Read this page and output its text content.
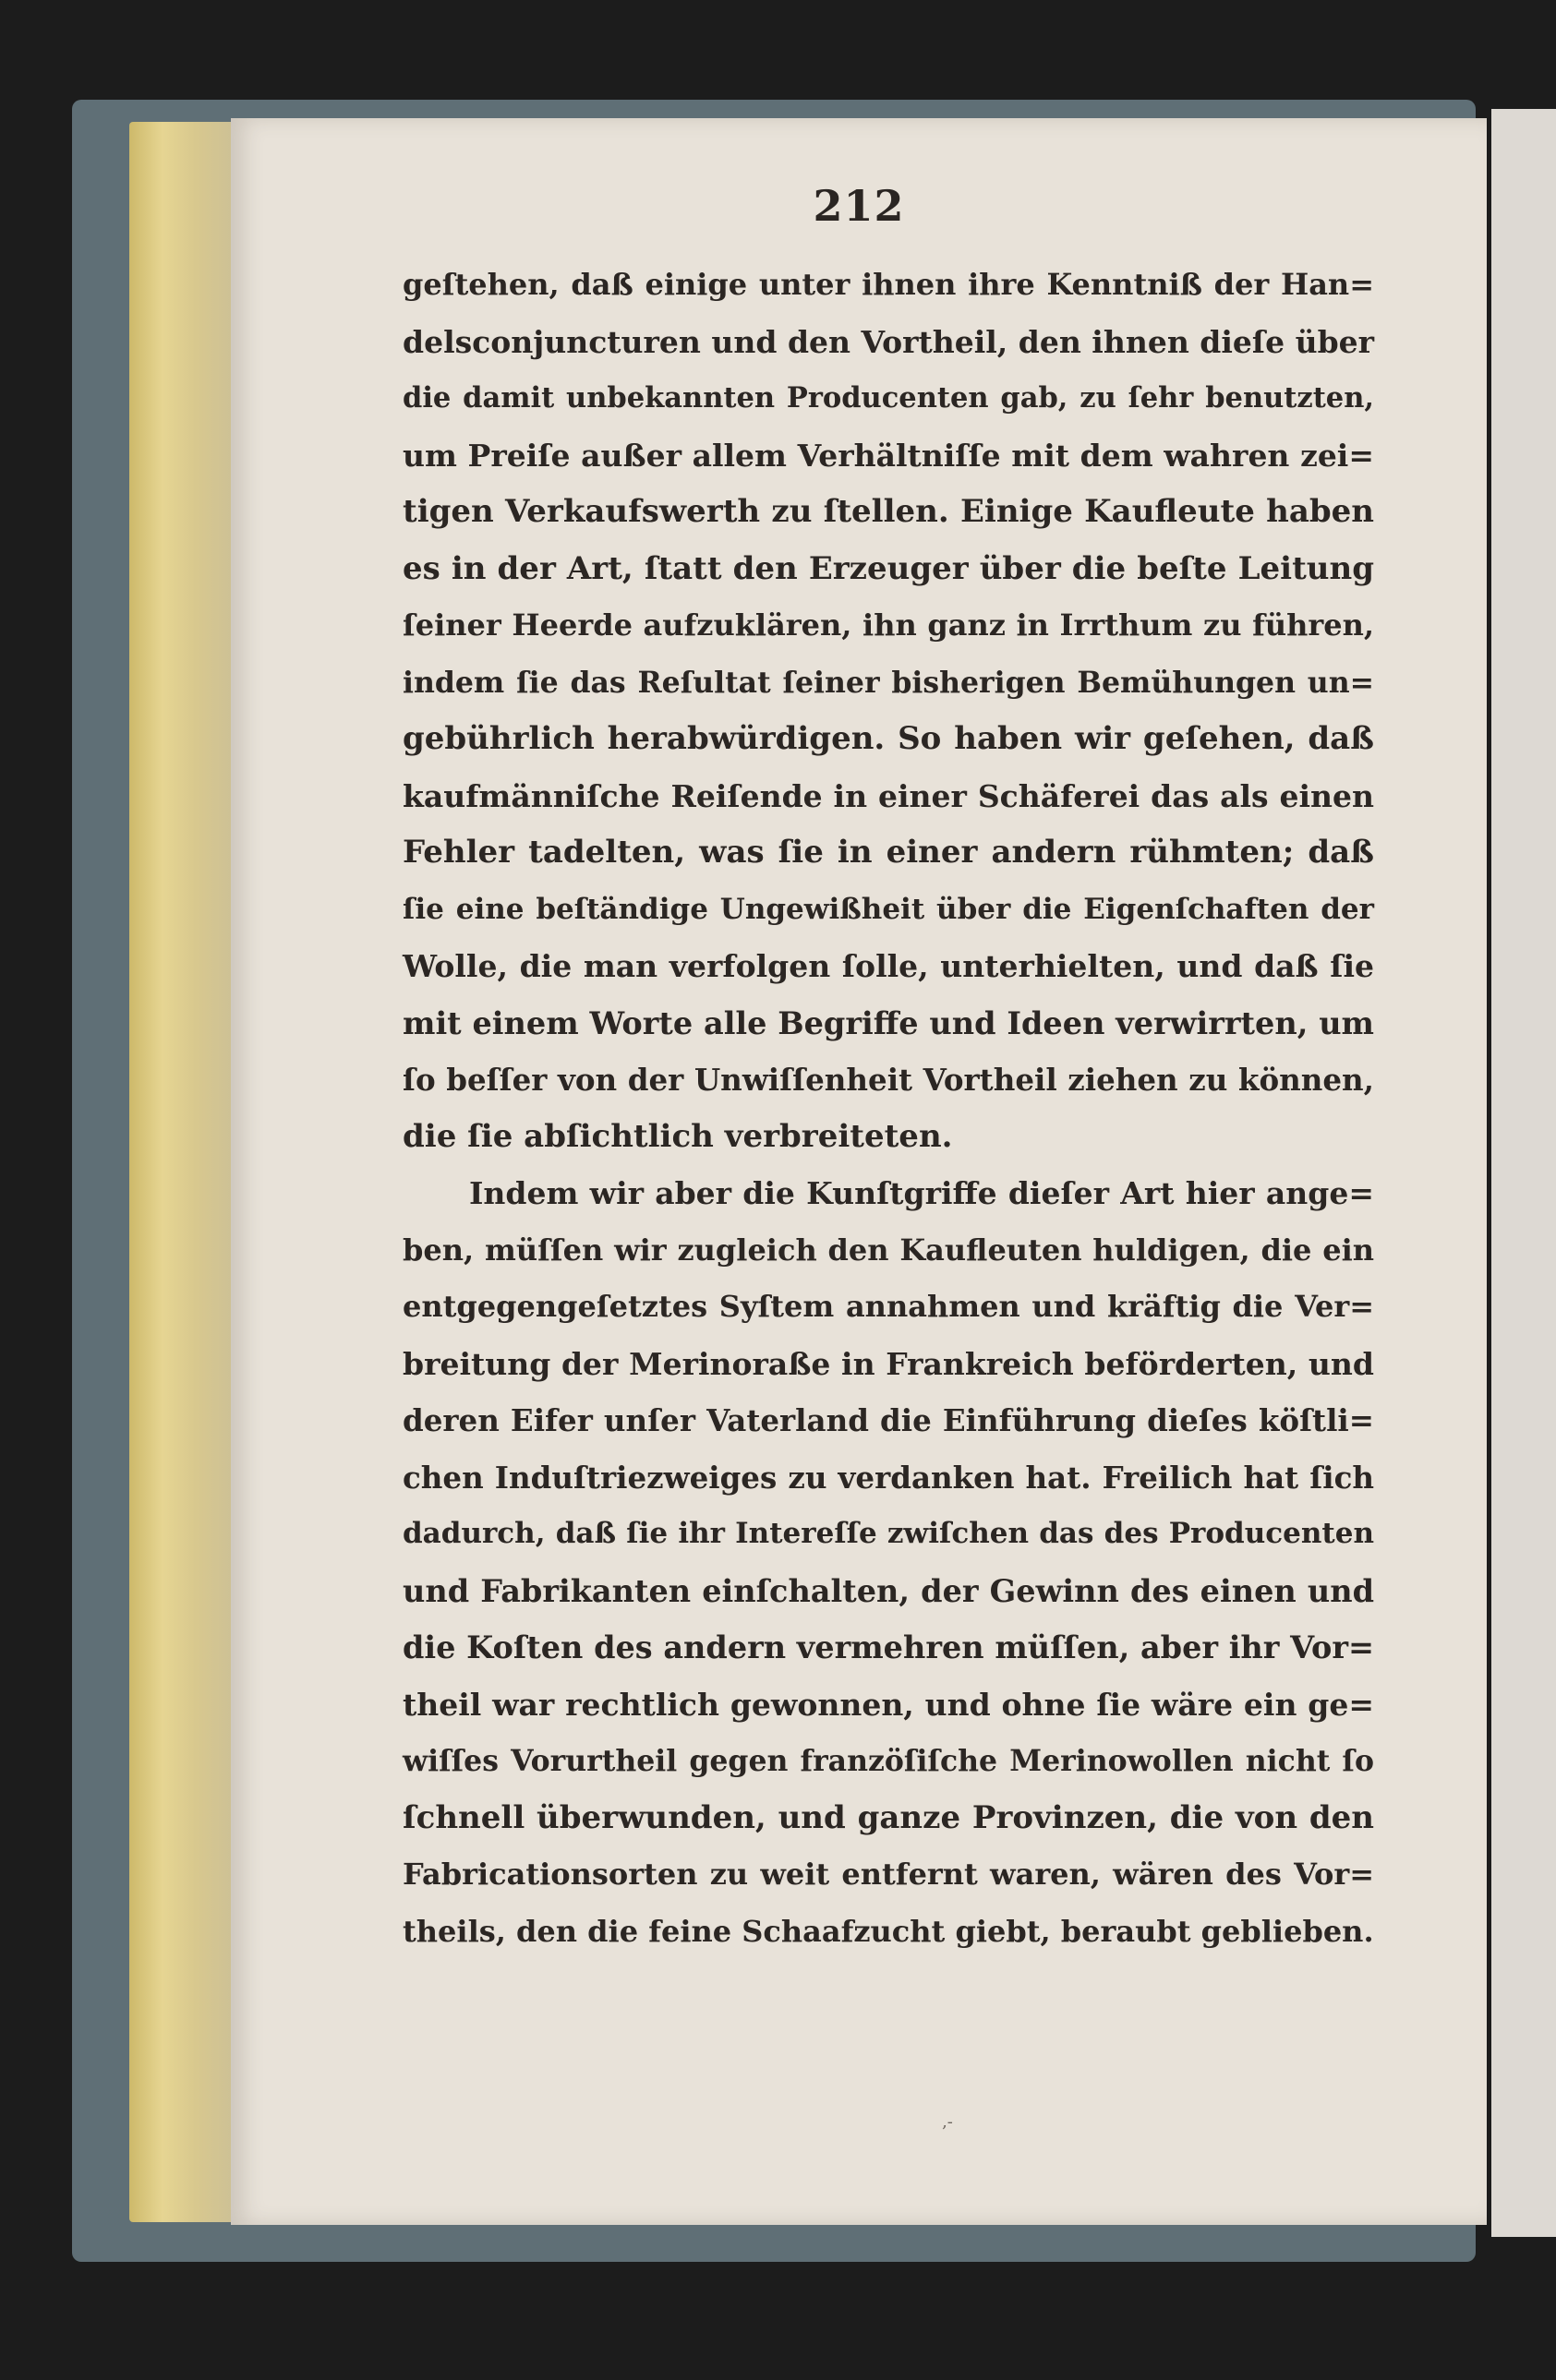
212
geſtehen, daß einige unter ihnen ihre Kenntniß der Han=
delsconjuncturen und den Vortheil, den ihnen dieſe über
die damit unbekannten Producenten gab, zu ſehr benutzten,
um Preiſe außer allem Verhältniſſe mit dem wahren zei=
tigen Verkaufswerth zu ſtellen. Einige Kaufleute haben
es in der Art, ſtatt den Erzeuger über die beſte Leitung
ſeiner Heerde aufzuklären, ihn ganz in Irrthum zu führen,
indem ſie das Reſultat ſeiner bisherigen Bemühungen un=
gebührlich herabwürdigen. So haben wir geſehen, daß
kaufmänniſche Reiſende in einer Schäferei das als einen
Fehler tadelten, was ſie in einer andern rühmten; daß
ſie eine beſtändige Ungewißheit über die Eigenſchaften der
Wolle, die man verfolgen ſolle, unterhielten, und daß ſie
mit einem Worte alle Begriffe und Ideen verwirrten, um
ſo beſſer von der Unwiſſenheit Vortheil ziehen zu können,
die ſie abſichtlich verbreiteten.
Indem wir aber die Kunſtgriffe dieſer Art hier ange=
ben, müſſen wir zugleich den Kaufleuten huldigen, die ein
entgegengeſetztes Syſtem annahmen und kräftig die Ver=
breitung der Merinoraße in Frankreich beförderten, und
deren Eifer unſer Vaterland die Einführung dieſes köſtli=
chen Induſtriezweiges zu verdanken hat. Freilich hat ſich
dadurch, daß ſie ihr Intereſſe zwiſchen das des Producenten
und Fabrikanten einſchalten, der Gewinn des einen und
die Koſten des andern vermehren müſſen, aber ihr Vor=
theil war rechtlich gewonnen, und ohne ſie wäre ein ge=
wiſſes Vorurtheil gegen franzöſiſche Merinowollen nicht ſo
ſchnell überwunden, und ganze Provinzen, die von den
Fabricationsorten zu weit entfernt waren, wären des Vor=
theils, den die feine Schaafzucht giebt, beraubt geblieben.
‚‑
